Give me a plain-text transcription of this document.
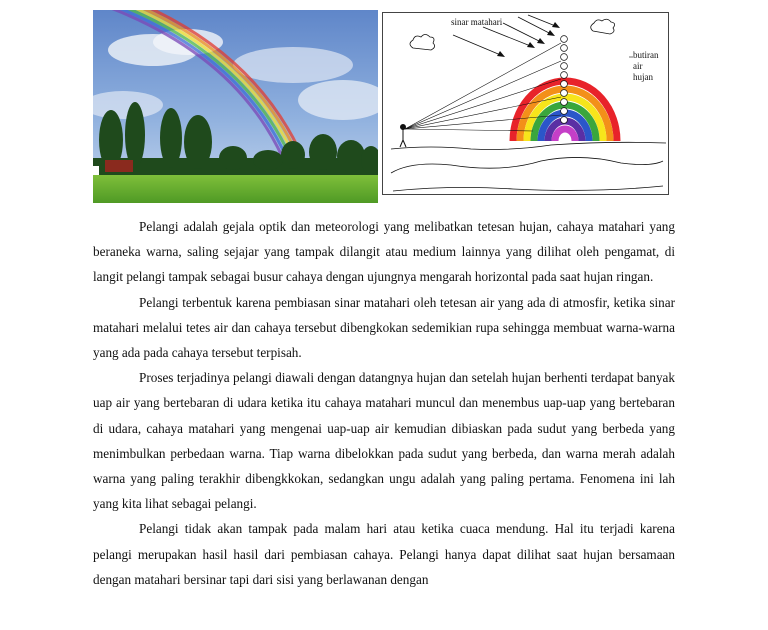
sinar matahari
butiran
air
hujan

Pelangi adalah gejala optik dan meteorologi yang melibatkan tetesan hujan, cahaya matahari yang beraneka warna, saling sejajar yang tampak dilangit atau medium lainnya yang dilihat oleh pengamat, di langit pelangi tampak sebagai busur cahaya dengan ujungnya mengarah horizontal pada saat hujan ringan.

Pelangi terbentuk karena pembiasan sinar matahari oleh tetesan air yang ada di atmosfir, ketika sinar matahari melalui tetes air dan cahaya tersebut dibengkokan sedemikian rupa sehingga membuat warna-warna yang ada pada cahaya tersebut terpisah.

Proses terjadinya pelangi diawali dengan datangnya hujan dan setelah hujan berhenti terdapat banyak uap air yang bertebaran di udara ketika itu cahaya matahari muncul dan menembus uap-uap yang bertebaran di udara, cahaya matahari yang mengenai uap-uap air kemudian dibiaskan pada sudut yang berbeda yang menimbulkan perbedaan warna. Tiap warna dibelokkan pada sudut yang berbeda, dan warna merah adalah warna yang paling terakhir dibengkkokan, sedangkan ungu adalah yang paling pertama. Fenomena ini lah yang kita lihat sebagai pelangi.

Pelangi tidak akan tampak pada malam hari atau ketika cuaca mendung. Hal itu terjadi karena pelangi merupakan hasil hasil dari pembiasan cahaya. Pelangi hanya dapat dilihat saat hujan bersamaan dengan matahari bersinar tapi dari sisi yang berlawanan dengan
